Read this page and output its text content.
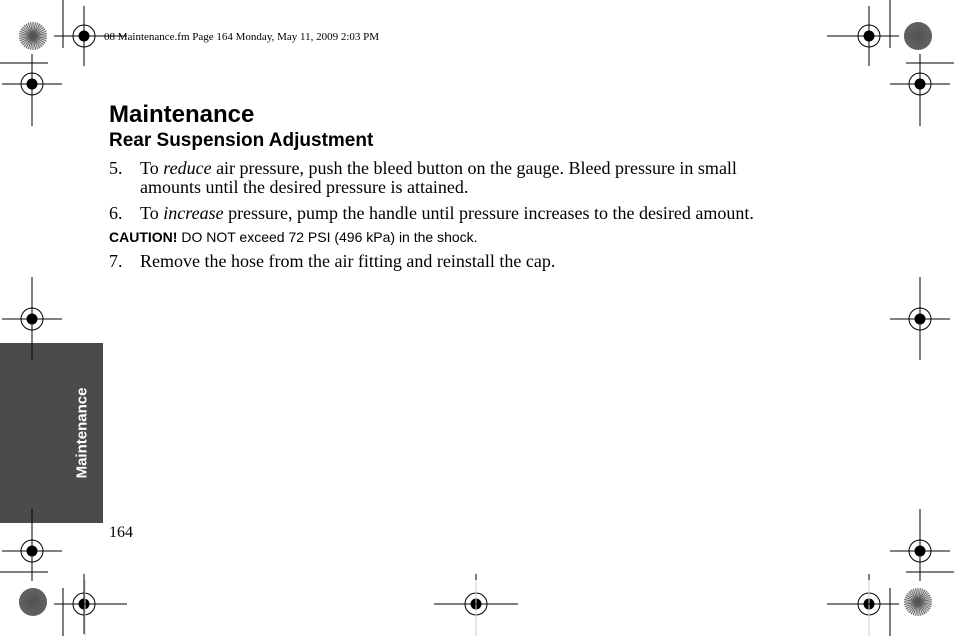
08 Maintenance.fm Page 164 Monday, May 11, 2009 2:03 PM
Maintenance
Rear Suspension Adjustment
5. To reduce air pressure, push the bleed button on the gauge. Bleed pressure in small
amounts until the desired pressure is attained.
6. To increase pressure, pump the handle until pressure increases to the desired amount.
CAUTION! DO NOT exceed 72 PSI (496 kPa) in the shock.
7. Remove the hose from the air fitting and reinstall the cap.
Maintenance
164
